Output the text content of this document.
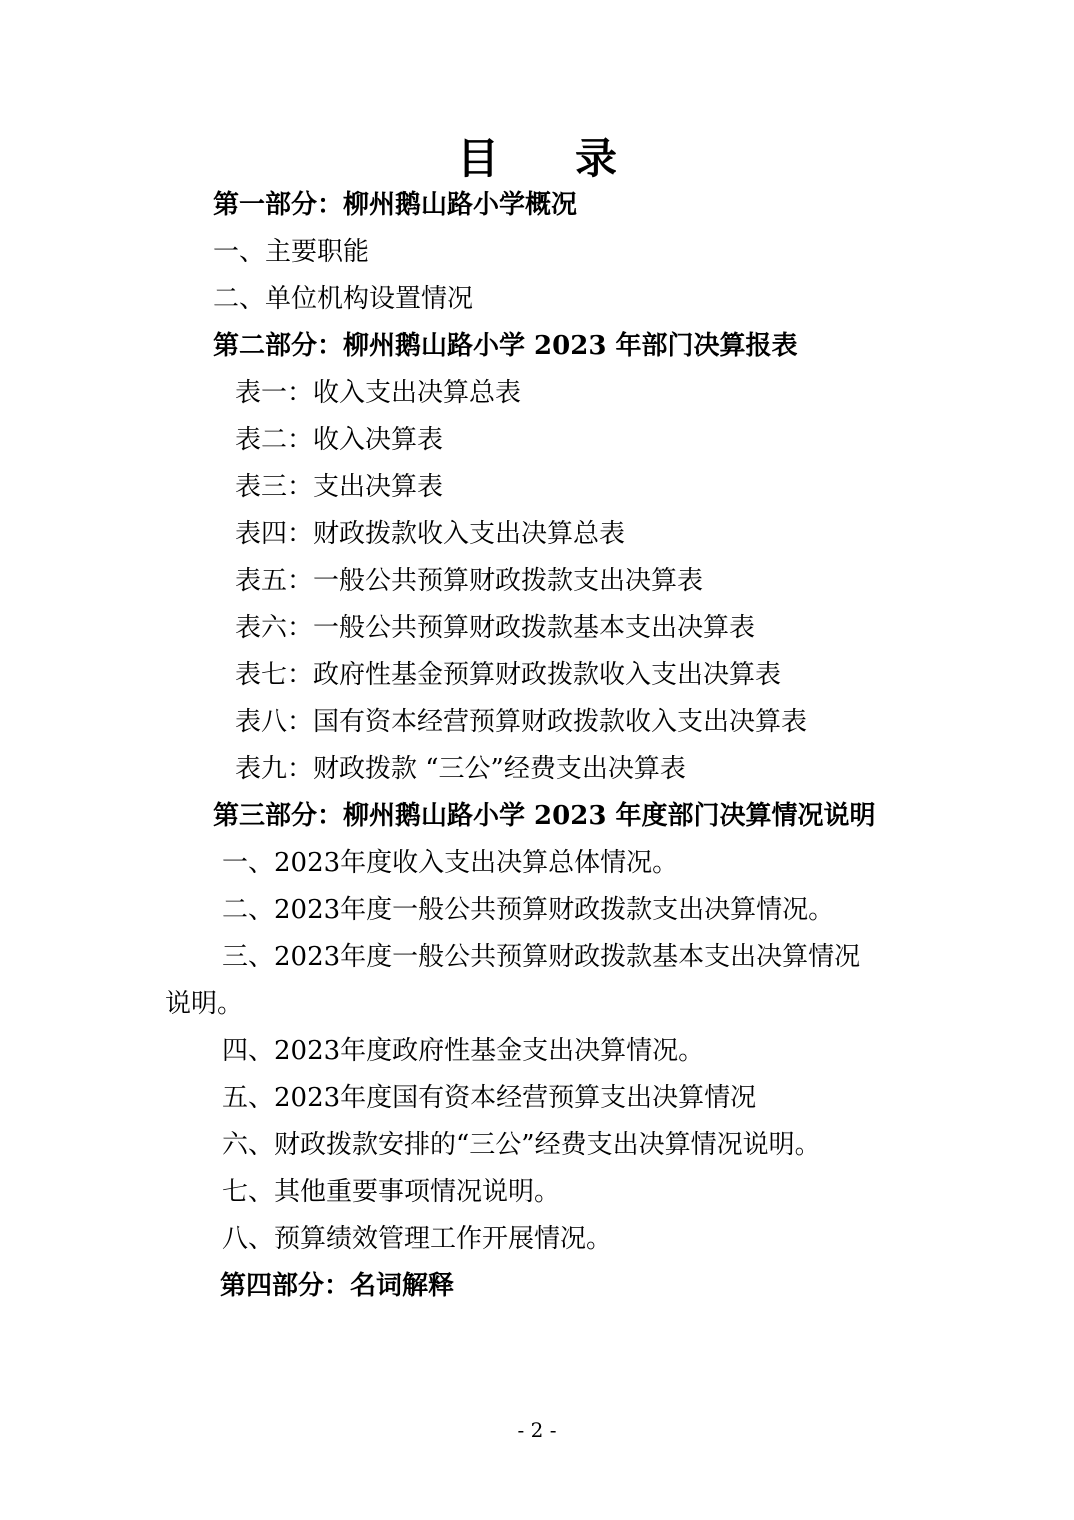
目 录
第一部分：柳州鹅山路小学概况
一、主要职能
二、单位机构设置情况
第二部分：柳州鹅山路小学 2023 年部门决算报表
表一：收入支出决算总表
表二：收入决算表
表三：支出决算表
表四：财政拨款收入支出决算总表
表五：一般公共预算财政拨款支出决算表
表六：一般公共预算财政拨款基本支出决算表
表七：政府性基金预算财政拨款收入支出决算表
表八：国有资本经营预算财政拨款收入支出决算表
表九：财政拨款 “三公”经费支出决算表
第三部分：柳州鹅山路小学 2023 年度部门决算情况说明
一、2023年度收入支出决算总体情况。
二、2023年度一般公共预算财政拨款支出决算情况。
三、2023年度一般公共预算财政拨款基本支出决算情况
说明。
四、2023年度政府性基金支出决算情况。
五、2023年度国有资本经营预算支出决算情况
六、财政拨款安排的“三公”经费支出决算情况说明。
七、其他重要事项情况说明。
八、预算绩效管理工作开展情况。
第四部分：名词解释
- 2 -
